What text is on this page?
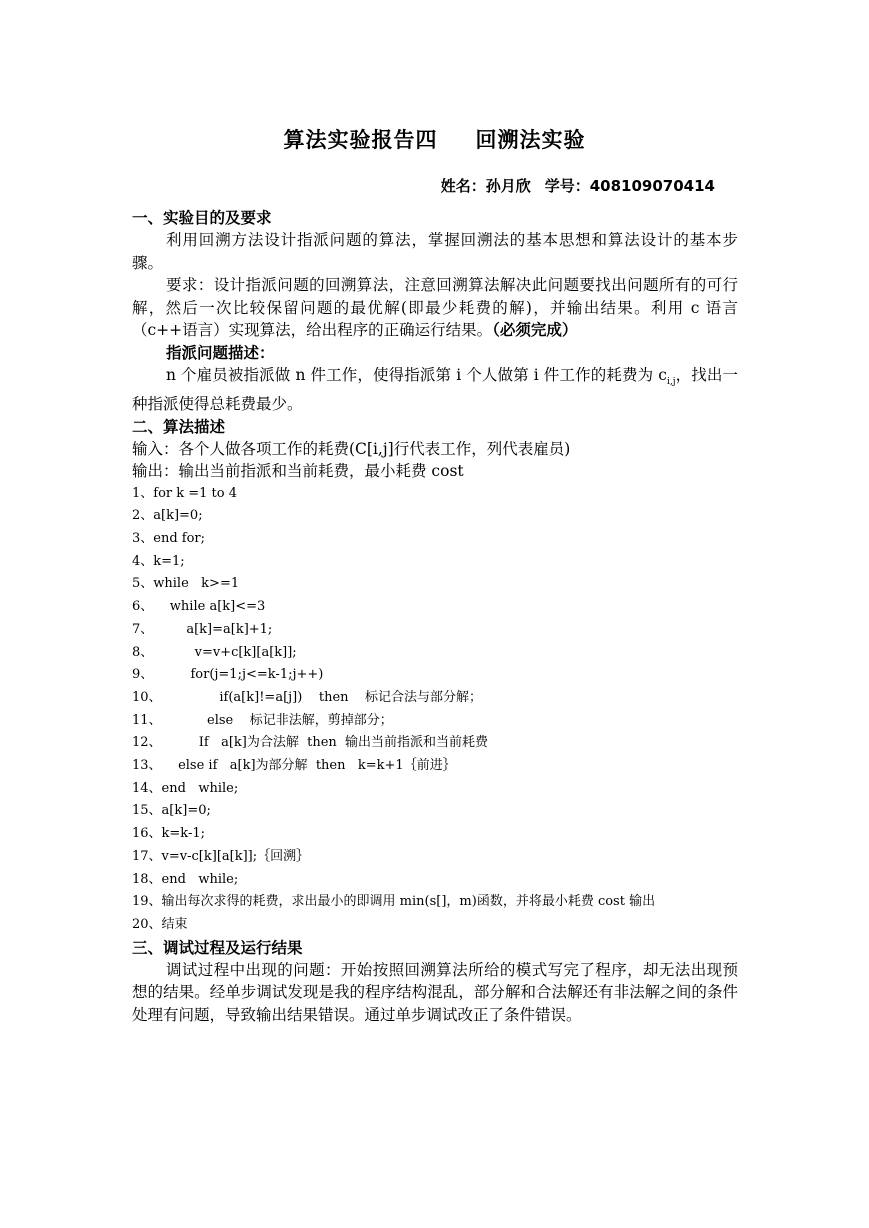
算法实验报告四 回溯法实验
姓名：孙月欣 学号：408109070414

一、实验目的及要求

利用回溯方法设计指派问题的算法，掌握回溯法的基本思想和算法设计的基本步骤。

要求：设计指派问题的回溯算法，注意回溯算法解决此问题要找出问题所有的可行解，然后一次比较保留问题的最优解(即最少耗费的解)，并输出结果。利用 c 语言（c++语言）实现算法，给出程序的正确运行结果。（必须完成）

指派问题描述：

n 个雇员被指派做 n 件工作，使得指派第 i 个人做第 i 件工作的耗费为 $c_{i,j}$，找出一种指派使得总耗费最少。

二、算法描述

输入：各个人做各项工作的耗费(C[i,j]行代表工作，列代表雇员)

输出：输出当前指派和当前耗费，最小耗费 cost

1、for k =1 to 4
2、a[k]=0;
3、end for;
4、k=1;
5、while   k>=1
6、    while a[k]<=3
7、        a[k]=a[k]+1;
8、          v=v+c[k][a[k]];
9、         for(j=1;j<=k-1;j++)
10、              if(a[k]!=a[j])    then    标记合法与部分解；
11、           else    标记非法解，剪掉部分；
12、         If   a[k]为合法解  then  输出当前指派和当前耗费
13、    else if   a[k]为部分解  then   k=k+1｛前进｝
14、end   while;
15、a[k]=0;
16、k=k-1;
17、v=v-c[k][a[k]];｛回溯｝
18、end   while;
19、输出每次求得的耗费，求出最小的即调用 min(s[]，m)函数，并将最小耗费 cost 输出
20、结束

三、调试过程及运行结果

调试过程中出现的问题：开始按照回溯算法所给的模式写完了程序，却无法出现预想的结果。经单步调试发现是我的程序结构混乱，部分解和合法解还有非法解之间的条件处理有问题，导致输出结果错误。通过单步调试改正了条件错误。
